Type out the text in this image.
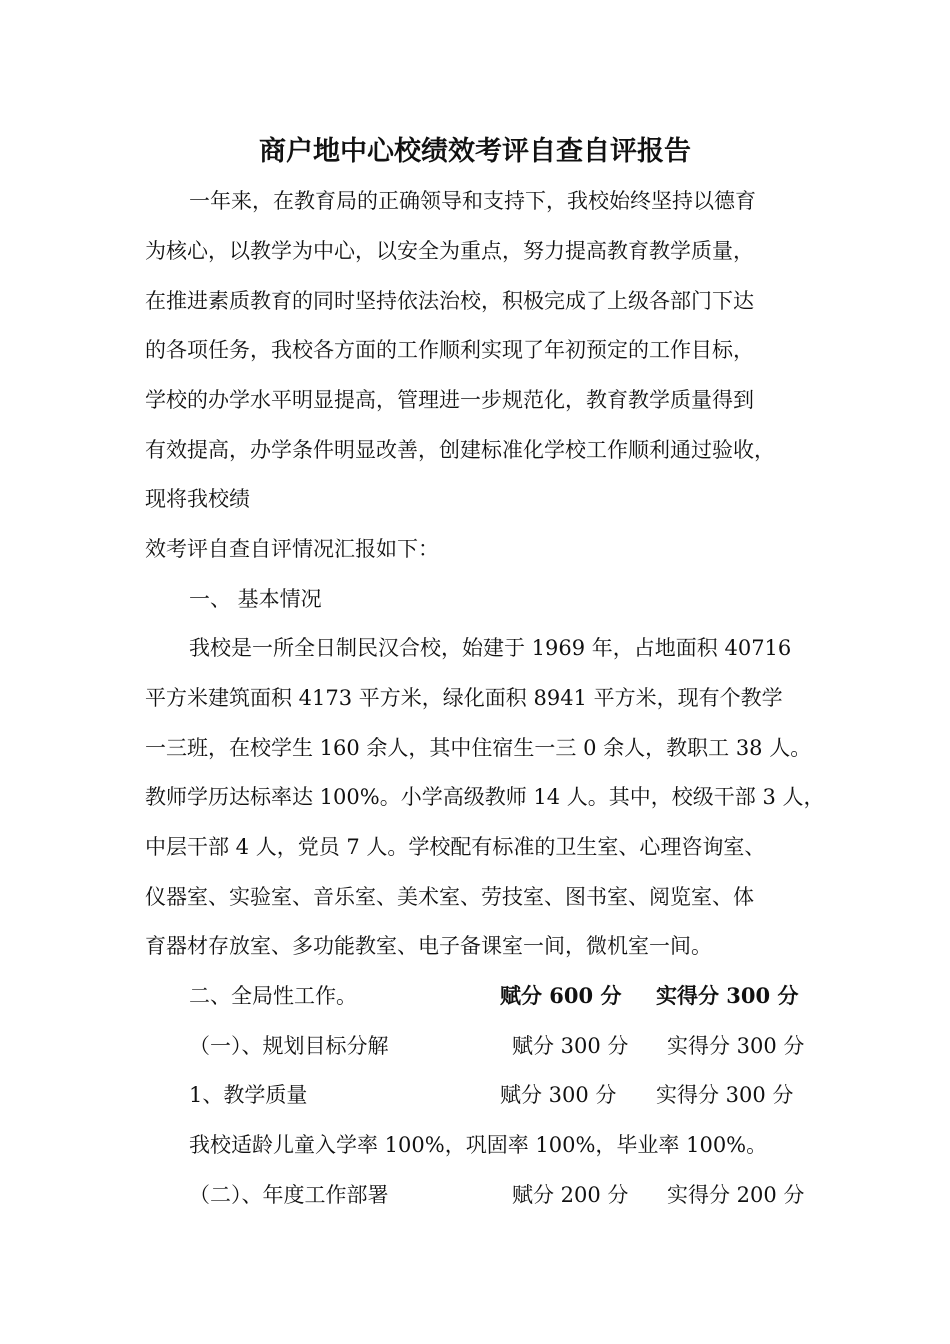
商户地中心校绩效考评自查自评报告
一年来，在教育局的正确领导和支持下，我校始终坚持以德育
为核心，以教学为中心，以安全为重点，努力提高教育教学质量，
在推进素质教育的同时坚持依法治校，积极完成了上级各部门下达
的各项任务，我校各方面的工作顺利实现了年初预定的工作目标，
学校的办学水平明显提高，管理进一步规范化，教育教学质量得到
有效提高，办学条件明显改善，创建标准化学校工作顺利通过验收，
现将我校绩
效考评自查自评情况汇报如下：
一、 基本情况
我校是一所全日制民汉合校，始建于 1969 年，占地面积 40716
平方米建筑面积 4173 平方米，绿化面积 8941 平方米，现有个教学
一三班，在校学生 160 余人，其中住宿生一三 0 余人，教职工 38 人。
教师学历达标率达 100%。小学高级教师 14 人。其中，校级干部 3 人，
中层干部 4 人，党员 7 人。学校配有标准的卫生室、心理咨询室、
仪器室、实验室、音乐室、美术室、劳技室、图书室、阅览室、体
育器材存放室、多功能教室、电子备课室一间，微机室一间。
二、全局性工作。	赋分 600 分 实得分 300 分
（一）、规划目标分解	赋分 300 分 实得分 300 分
1、教学质量	赋分 300 分 实得分 300 分
我校适龄儿童入学率 100%，巩固率 100%，毕业率 100%。
（二）、年度工作部署	赋分 200 分 实得分 200 分
